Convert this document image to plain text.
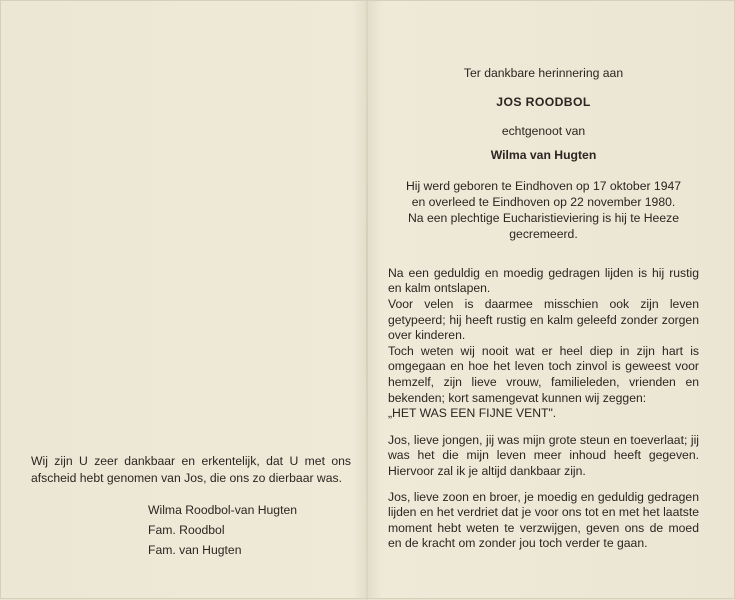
Wij zijn U zeer dankbaar en erkentelijk, dat U met ons afscheid hebt genomen van Jos, die ons zo dierbaar was.

Wilma Roodbol-van Hugten
Fam. Roodbol
Fam. van Hugten
Ter dankbare herinnering aan
JOS ROODBOL
echtgenoot van
Wilma van Hugten
Hij werd geboren te Eindhoven op 17 oktober 1947
en overleed te Eindhoven op 22 november 1980.
Na een plechtige Eucharistieviering is hij te Heeze
gecremeerd.

Na een geduldig en moedig gedragen lijden is hij rustig en kalm ontslapen.

Voor velen is daarmee misschien ook zijn leven getypeerd; hij heeft rustig en kalm geleefd zonder zorgen over kinderen.

Toch weten wij nooit wat er heel diep in zijn hart is omgegaan en hoe het leven toch zinvol is geweest voor hemzelf, zijn lieve vrouw, familieleden, vrienden en bekenden; kort samengevat kunnen wij zeggen:

„HET WAS EEN FIJNE VENT".

Jos, lieve jongen, jij was mijn grote steun en toeverlaat; jij was het die mijn leven meer inhoud heeft gegeven. Hiervoor zal ik je altijd dankbaar zijn.

Jos, lieve zoon en broer, je moedig en geduldig gedragen lijden en het verdriet dat je voor ons tot en met het laatste moment hebt weten te verzwijgen, geven ons de moed en de kracht om zonder jou toch verder te gaan.
